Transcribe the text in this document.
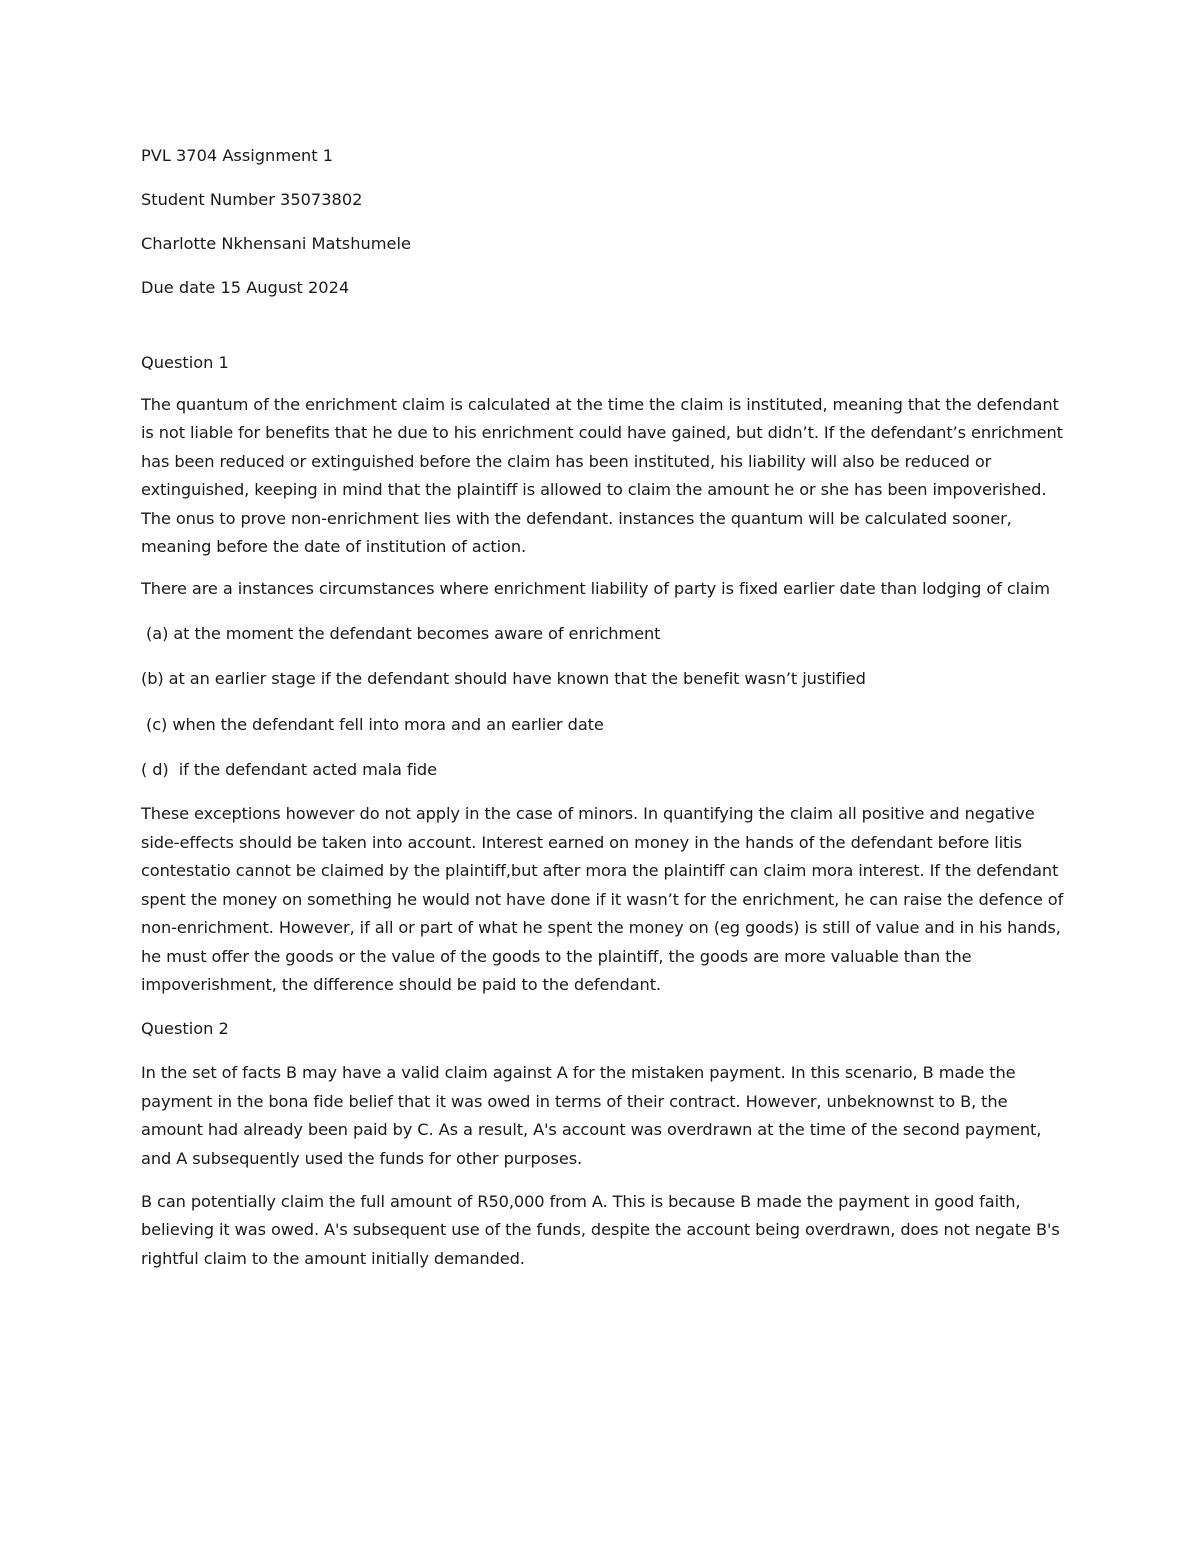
PVL 3704 Assignment 1

Student Number 35073802

Charlotte Nkhensani Matshumele

Due date 15 August 2024

Question 1

The quantum of the enrichment claim is calculated at the time the claim is instituted, meaning that the defendant is not liable for benefits that he due to his enrichment could have gained, but didn’t. If the defendant’s enrichment has been reduced or extinguished before the claim has been instituted, his liability will also be reduced or extinguished, keeping in mind that the plaintiff is allowed to claim the amount he or she has been impoverished. The onus to prove non-enrichment lies with the defendant. instances the quantum will be calculated sooner, meaning before the date of institution of action.

There are a instances circumstances where enrichment liability of party is fixed earlier date than lodging of claim

(a) at the moment the defendant becomes aware of enrichment

(b) at an earlier stage if the defendant should have known that the benefit wasn’t justified

(c) when the defendant fell into mora and an earlier date

( d)  if the defendant acted mala fide

These exceptions however do not apply in the case of minors. In quantifying the claim all positive and negative side-effects should be taken into account. Interest earned on money in the hands of the defendant before litis contestatio cannot be claimed by the plaintiff,but after mora the plaintiff can claim mora interest. If the defendant spent the money on something he would not have done if it wasn’t for the enrichment, he can raise the defence of non-enrichment. However, if all or part of what he spent the money on (eg goods) is still of value and in his hands, he must offer the goods or the value of the goods to the plaintiff, the goods are more valuable than the impoverishment, the difference should be paid to the defendant.

Question 2

In the set of facts B may have a valid claim against A for the mistaken payment. In this scenario, B made the payment in the bona fide belief that it was owed in terms of their contract. However, unbeknownst to B, the amount had already been paid by C. As a result, A's account was overdrawn at the time of the second payment, and A subsequently used the funds for other purposes.

B can potentially claim the full amount of R50,000 from A. This is because B made the payment in good faith, believing it was owed. A's subsequent use of the funds, despite the account being overdrawn, does not negate B's rightful claim to the amount initially demanded.
